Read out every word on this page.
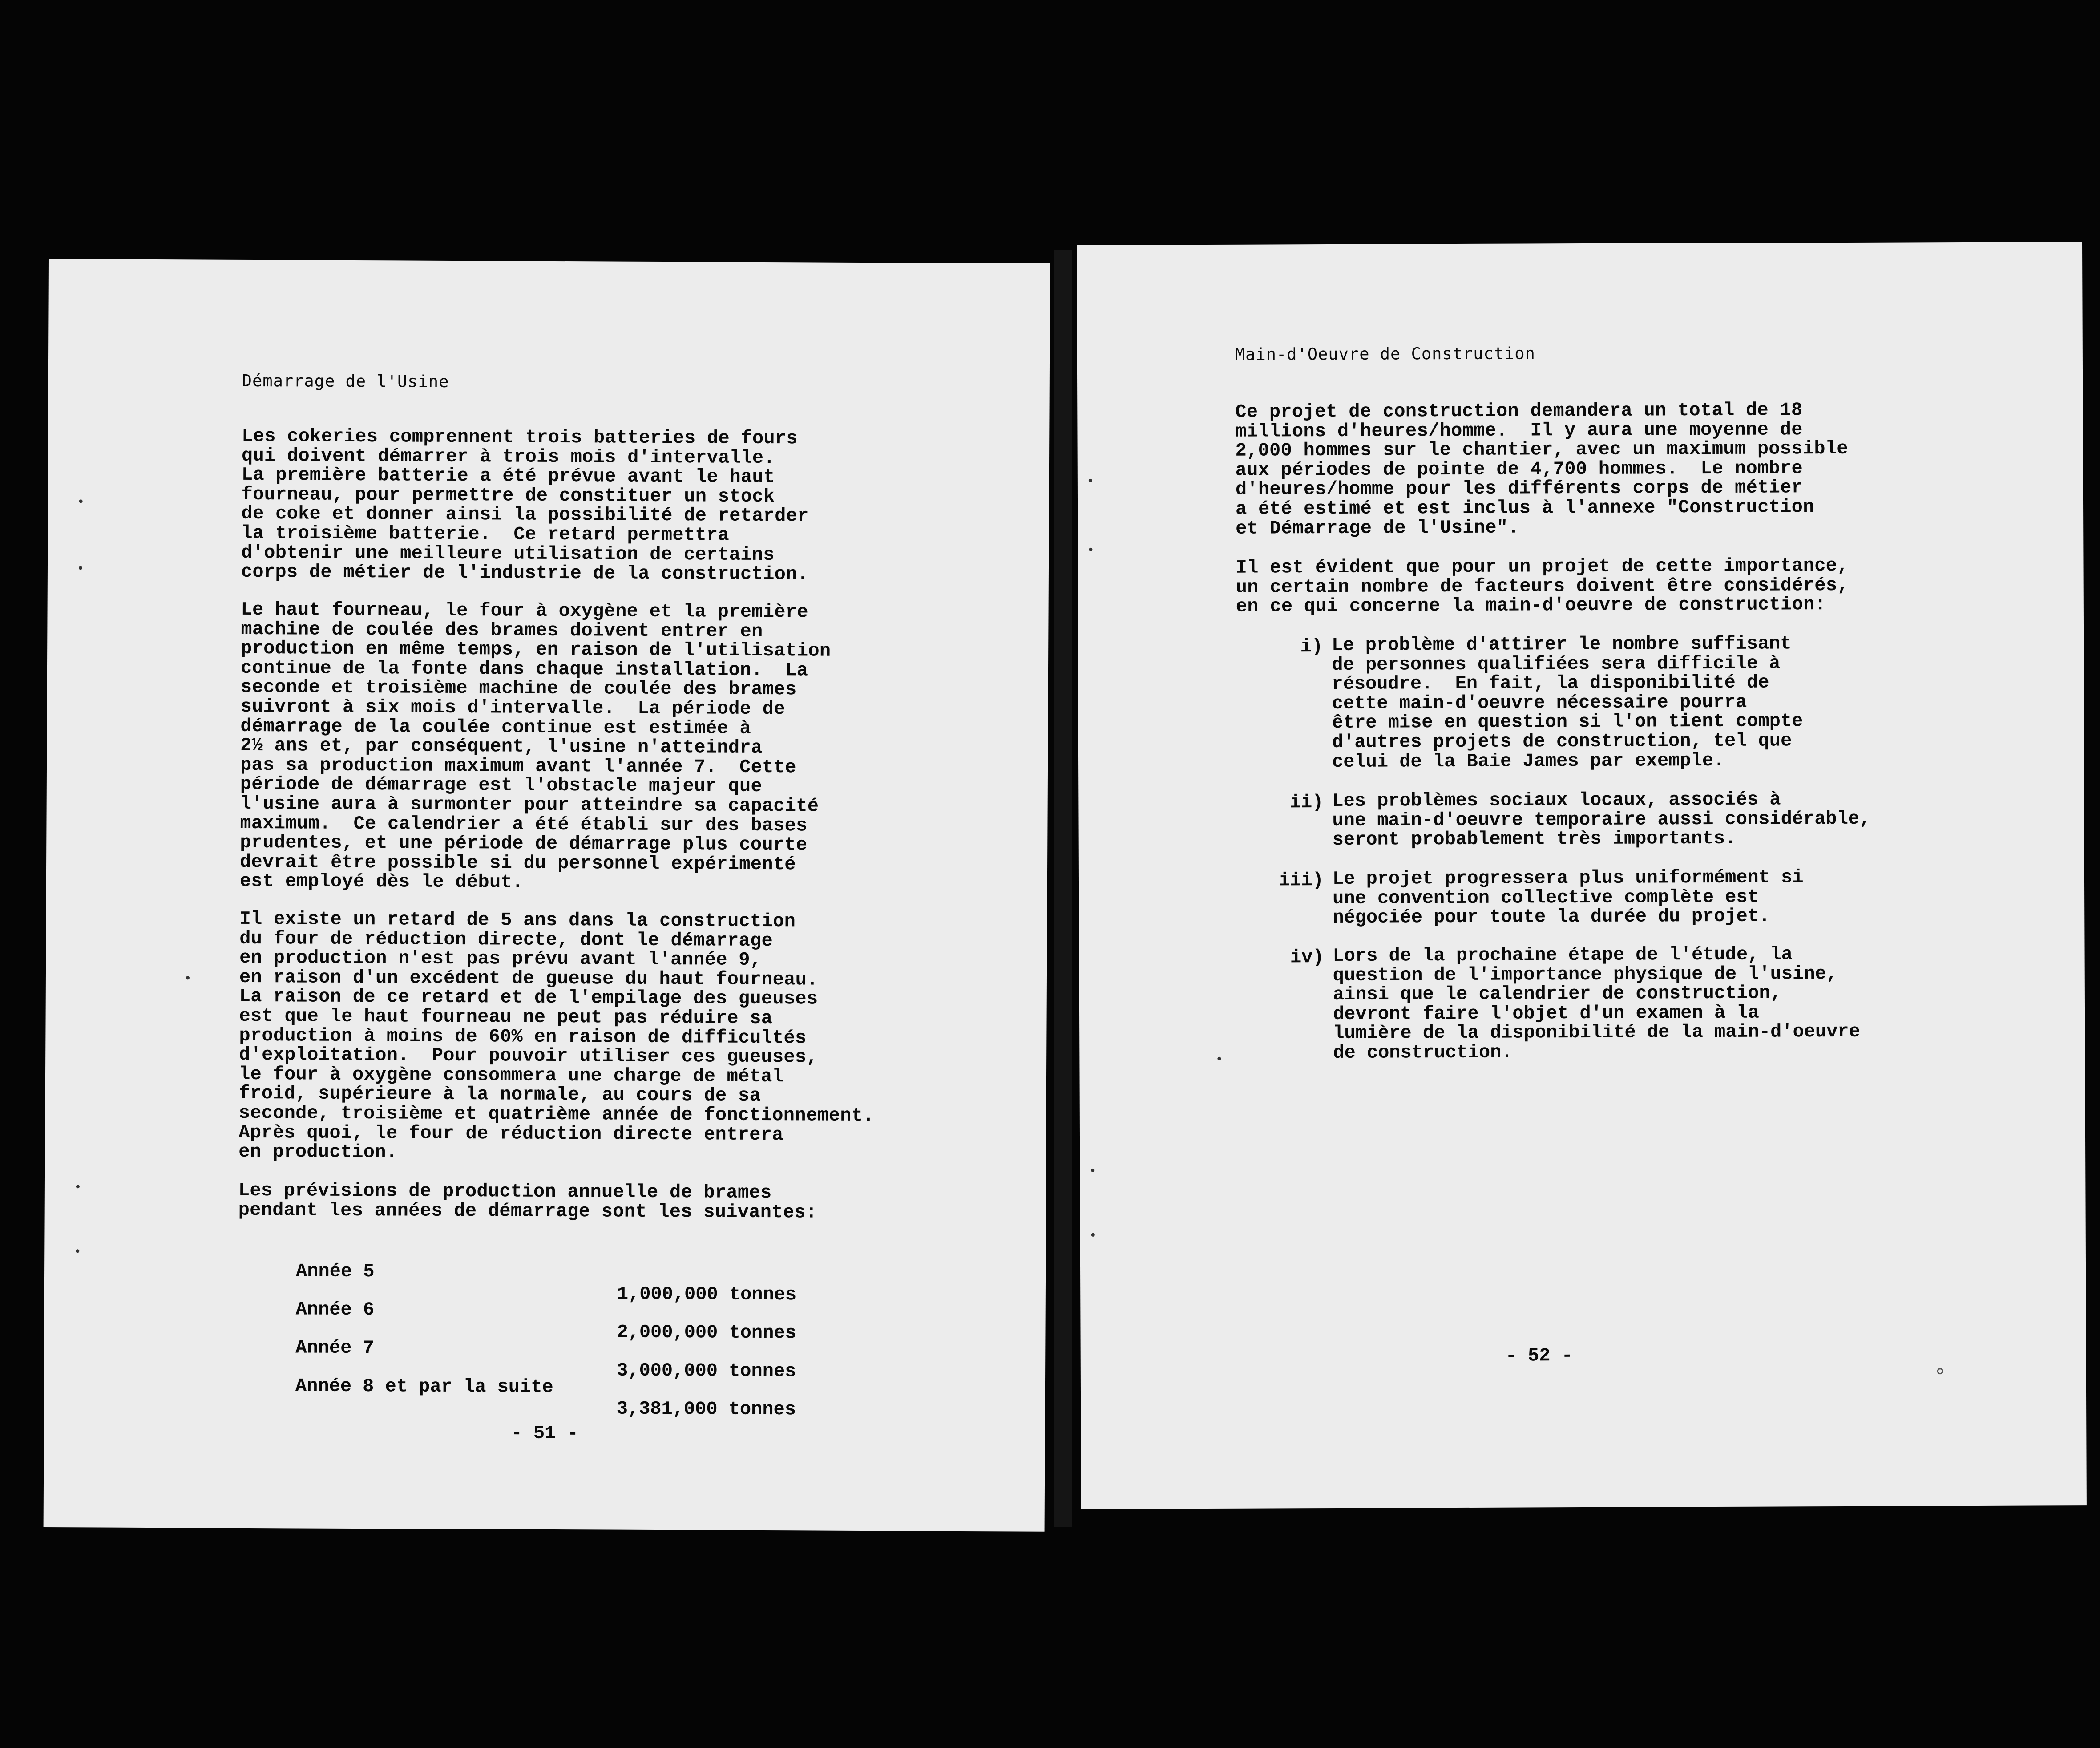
Démarrage de l'Usine

Les cokeries comprennent trois batteries de fours
qui doivent démarrer à trois mois d'intervalle.
La première batterie a été prévue avant le haut
fourneau, pour permettre de constituer un stock
de coke et donner ainsi la possibilité de retarder
la troisième batterie.  Ce retard permettra
d'obtenir une meilleure utilisation de certains
corps de métier de l'industrie de la construction.

Le haut fourneau, le four à oxygène et la première
machine de coulée des brames doivent entrer en
production en même temps, en raison de l'utilisation
continue de la fonte dans chaque installation.  La
seconde et troisième machine de coulée des brames
suivront à six mois d'intervalle.  La période de
démarrage de la coulée continue est estimée à
2½ ans et, par conséquent, l'usine n'atteindra
pas sa production maximum avant l'année 7.  Cette
période de démarrage est l'obstacle majeur que
l'usine aura à surmonter pour atteindre sa capacité
maximum.  Ce calendrier a été établi sur des bases
prudentes, et une période de démarrage plus courte
devrait être possible si du personnel expérimenté
est employé dès le début.

Il existe un retard de 5 ans dans la construction
du four de réduction directe, dont le démarrage
en production n'est pas prévu avant l'année 9,
en raison d'un excédent de gueuse du haut fourneau.
La raison de ce retard et de l'empilage des gueuses
est que le haut fourneau ne peut pas réduire sa
production à moins de 60% en raison de difficultés
d'exploitation.  Pour pouvoir utiliser ces gueuses,
le four à oxygène consommera une charge de métal
froid, supérieure à la normale, au cours de sa
seconde, troisième et quatrième année de fonctionnement.
Après quoi, le four de réduction directe entrera
en production.

Les prévisions de production annuelle de brames
pendant les années de démarrage sont les suivantes:

Année 5

1,000,000 tonnes

Année 6

2,000,000 tonnes

Année 7

3,000,000 tonnes

Année 8 et par la suite

3,381,000 tonnes

- 51 -
Main-d'Oeuvre de Construction

Ce projet de construction demandera un total de 18
millions d'heures/homme.  Il y aura une moyenne de
2,000 hommes sur le chantier, avec un maximum possible
aux périodes de pointe de 4,700 hommes.  Le nombre
d'heures/homme pour les différents corps de métier
a été estimé et est inclus à l'annexe "Construction
et Démarrage de l'Usine".

Il est évident que pour un projet de cette importance,
un certain nombre de facteurs doivent être considérés,
en ce qui concerne la main-d'oeuvre de construction:

i) Le problème d'attirer le nombre suffisant
de personnes qualifiées sera difficile à
résoudre.  En fait, la disponibilité de
cette main-d'oeuvre nécessaire pourra
être mise en question si l'on tient compte
d'autres projets de construction, tel que
celui de la Baie James par exemple.

ii) Les problèmes sociaux locaux, associés à
une main-d'oeuvre temporaire aussi considérable,
seront probablement très importants.

iii) Le projet progressera plus uniformément si
une convention collective complète est
négociée pour toute la durée du projet.

iv) Lors de la prochaine étape de l'étude, la
question de l'importance physique de l'usine,
ainsi que le calendrier de construction,
devront faire l'objet d'un examen à la
lumière de la disponibilité de la main-d'oeuvre
de construction.

- 52 -
